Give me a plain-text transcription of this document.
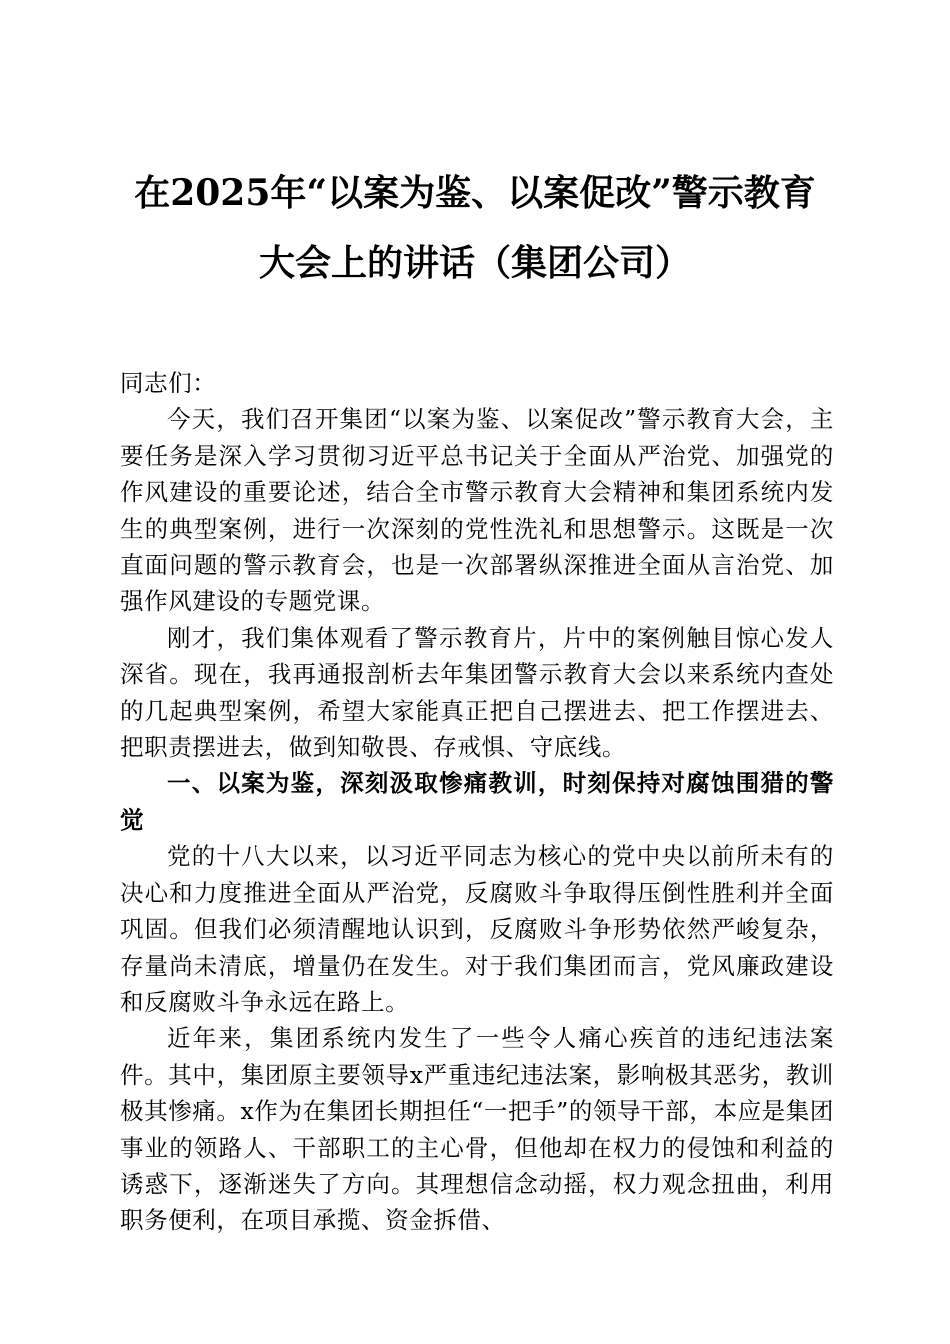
在2025年“以案为鉴、以案促改”警示教育
大会上的讲话（集团公司）

同志们：

今天，我们召开集团“以案为鉴、以案促改”警示教育大会，主要任务是深入学习贯彻习近平总书记关于全面从严治党、加强党的作风建设的重要论述，结合全市警示教育大会精神和集团系统内发生的典型案例，进行一次深刻的党性洗礼和思想警示。这既是一次直面问题的警示教育会，也是一次部署纵深推进全面从言治党、加强作风建设的专题党课。

刚才，我们集体观看了警示教育片，片中的案例触目惊心发人深省。现在，我再通报剖析去年集团警示教育大会以来系统内查处的几起典型案例，希望大家能真正把自己摆进去、把工作摆进去、把职责摆进去，做到知敬畏、存戒惧、守底线。

一、以案为鉴，深刻汲取惨痛教训，时刻保持对腐蚀围猎的警觉

党的十八大以来，以习近平同志为核心的党中央以前所未有的决心和力度推进全面从严治党，反腐败斗争取得压倒性胜利并全面巩固。但我们必须清醒地认识到，反腐败斗争形势依然严峻复杂，存量尚未清底，增量仍在发生。对于我们集团而言，党风廉政建设和反腐败斗争永远在路上。

近年来，集团系统内发生了一些令人痛心疾首的违纪违法案件。其中，集团原主要领导x严重违纪违法案，影响极其恶劣，教训极其惨痛。x作为在集团长期担任“一把手”的领导干部，本应是集团事业的领路人、干部职工的主心骨，但他却在权力的侵蚀和利益的诱惑下，逐渐迷失了方向。其理想信念动摇，权力观念扭曲，利用职务便利，在项目承揽、资金拆借、
